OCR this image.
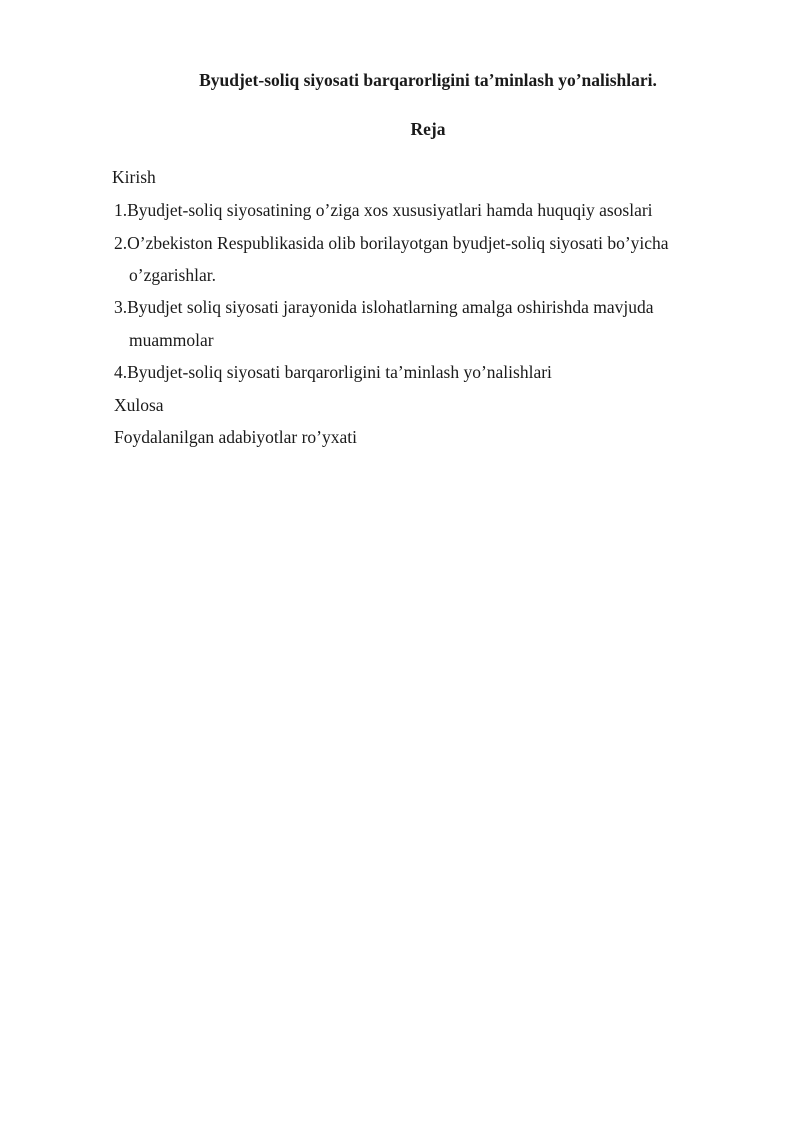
Byudjet-soliq siyosati barqarorligini ta’minlash yo’nalishlari.
Reja
Kirish
1.Byudjet-soliq siyosatining o’ziga xos xususiyatlari hamda huquqiy asoslari
2.O’zbekiston Respublikasida olib borilayotgan byudjet-soliq siyosati bo’yicha
o’zgarishlar.
3.Byudjet soliq siyosati jarayonida islohatlarning amalga oshirishda mavjuda
muammolar
4.Byudjet-soliq siyosati barqarorligini ta’minlash yo’nalishlari
Xulosa
Foydalanilgan adabiyotlar ro’yxati
